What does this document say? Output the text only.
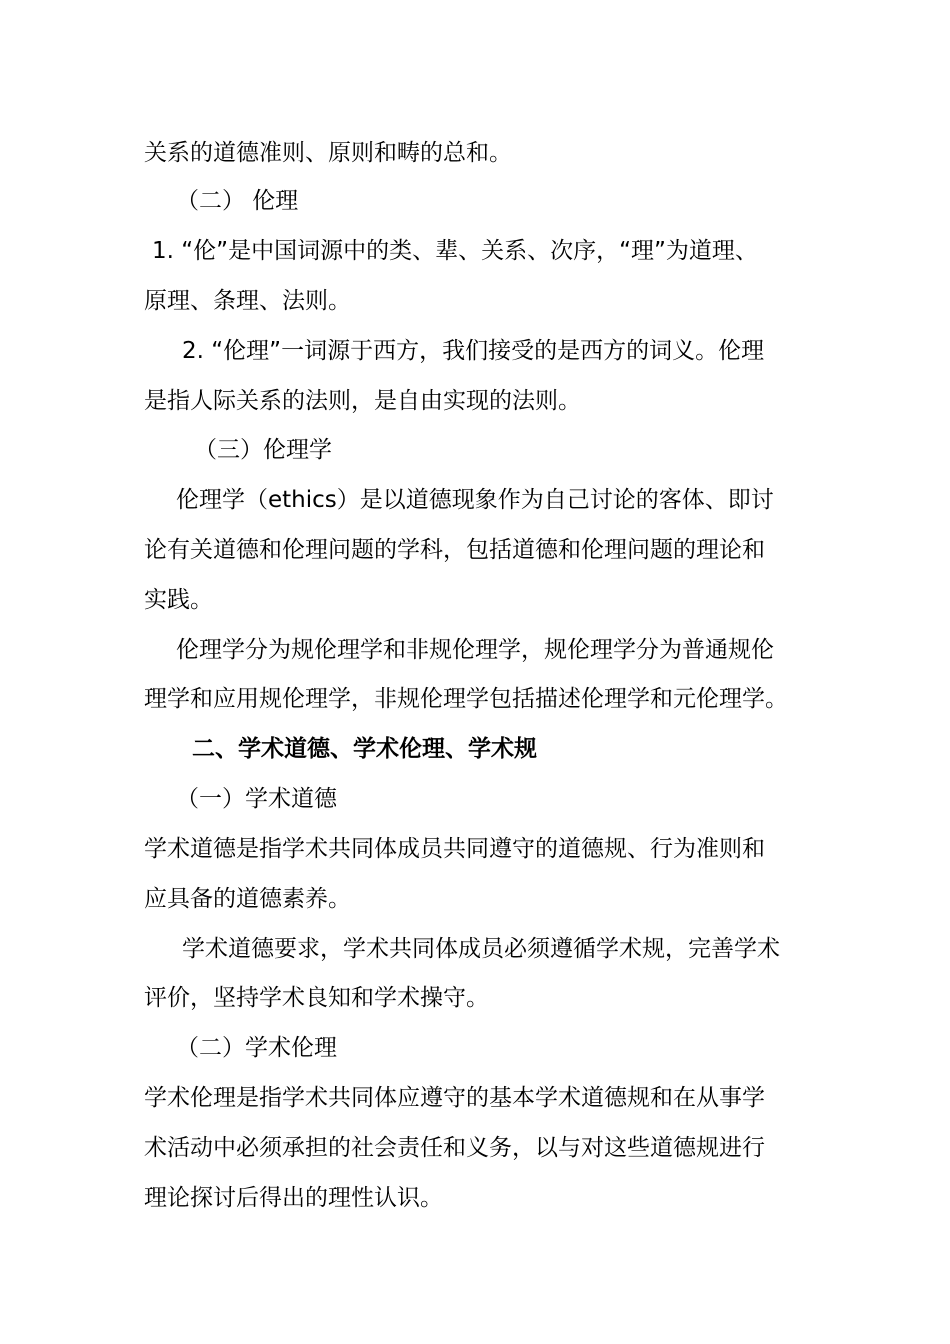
关系的道德准则、原则和畴的总和。
（二） 伦理
1. “伦”是中国词源中的类、辈、关系、次序，“理”为道理、
原理、条理、法则。
2. “伦理”一词源于西方，我们接受的是西方的词义。伦理
是指人际关系的法则，是自由实现的法则。
（三）伦理学
伦理学（ethics）是以道德现象作为自己讨论的客体、即讨
论有关道德和伦理问题的学科，包括道德和伦理问题的理论和
实践。
伦理学分为规伦理学和非规伦理学，规伦理学分为普通规伦
理学和应用规伦理学，非规伦理学包括描述伦理学和元伦理学。
二、学术道德、学术伦理、学术规
（一）学术道德
学术道德是指学术共同体成员共同遵守的道德规、行为准则和
应具备的道德素养。
学术道德要求，学术共同体成员必须遵循学术规，完善学术
评价，坚持学术良知和学术操守。
（二）学术伦理
学术伦理是指学术共同体应遵守的基本学术道德规和在从事学
术活动中必须承担的社会责任和义务，以与对这些道德规进行
理论探讨后得出的理性认识。
